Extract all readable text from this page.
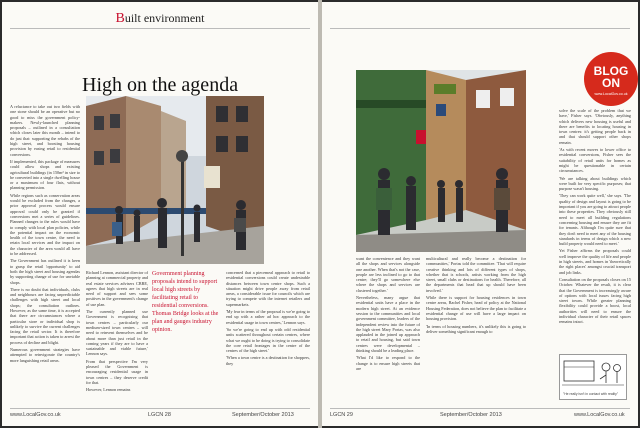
Built environment
High on the agenda

A reluctance to take out two fields with one stone should be an operative but no good to miss the government policy-makers. Newly-launched planning proposals – outlined in a consultation which closes later this month – intend to do just that: supporting the rehabs of the high street, and boosting housing provision by easing retail to residential conversions.

If implemented, this package of measures could allow shops and existing agricultural buildings (in 150m² in size to be converted into a single dwelling house or a maximum of four flats, without planning permission.

While regions such as conservation areas would be excluded from the changes, a prior approval process would ensure approval could only be granted if conversions met a series of guidelines. Planned changes to the rules would have to comply with local plan policies, while the potential impact on the economic health of the town centre, the need to retain local services and the impact on the character of the area would all have to be addressed.

The Government has outlined it is keen to grasp the retail 'opportunity' to aid both the high street and housing agendas by supporting change of use for unviable shops.

There is no doubt that individuals, clubs and neighbours are facing unpredictable challenges with high street and local shops; the consultation outlines. However, as the same time, it is accepted that there are circumstances where a particular store or individual shop is unlikely to survive the current challenges facing the retail sector. It is therefore important that action is taken to arrest the process of decline and blight.

Numerous government strategies have attempted to reinvigorate the country's more languishing retail areas.

Richard Lennon, assistant director of planning at commercial property and real estate services advisers CBRE, agrees that high streets are in real need of support and sees some positives in the government's change of use plan.

The currently planned use Government is recognising that town centres – particularly our medium-sized town centres – will need to reinvent themselves and be about more than just retail in the coming years if they are to have a sustainable and viable future,' Lennon says.

From that perspective I'm very pleased the Government is encouraging residential usage in town centres – they deserve credit for that.

However, Lennon remains

Government planning proposals intend to support local high streets by facilitating retail to residential conversions. Thomas Bridge looks at the plan and gauges industry opinion.

concerned that a piecemeal approach to retail to residential conversions could create undesirable distances between town centre shops. Such a situation might drive people away from retail areas, a considerable issue for councils which are trying to compete with the internet retailers and supermarkets.

'My fear in terms of the proposal is we're going to end up with a rather ad hoc approach to the residential usage in town centres,' Lennon says.

'So we're going to end up with odd residential units scattered throughout certain centres, where what we ought to be doing is trying to consolidate the core retail frontages in the centre of the centres of the high street.'

'When a town centre is a destination for shoppers, they

www.LocalGov.co.uk	LGCN 28	September/October 2013

want the convenience and they want all the shops and services alongside one another. When that's not the case, people are less inclined to go to that centre; they'll go somewhere else where the shops and services are clustered together.'

Nevertheless, many argue that residential units have a place in the modern high street. At an evidence session to the communities and local government committee, leaders of the independent review into the future of the high street Mary Portas, was also applauded in the joined up approach to retail and housing, but said town centres were developmental – thinking should be a leading place.

'What I'd like to respond to the change is to ensure high streets that are

multicultural and really become a destination for communities,' Portas told the committee. 'That will require creative thinking and lots of different types of shops, whether that is schools, artists working from the high street, small clubs or destinations for health. Therefore, all the departments that head that up should have been involved.'

While there is support for housing residences in town centre areas, Rachel Fisher, head of policy at the National Housing Federation, does not believe the plan to facilitate a residential change of use will have a large impact on housing provision.

'In terms of housing numbers, it's unlikely this is going to deliver something significant enough to

solve the scale of the problem that we have,' Fisher says. 'Obviously, anything which delivers new housing is useful and there are benefits to locating housing in town centres: it's getting people back in and that should support other shops remain.

'As with recent moves to lower office to residential conversions, Fisher sees the suitability of retail units for homes as might be questionable in certain circumstances.

'We are talking about buildings which were built for very specific purposes; that purpose wasn't housing.

'They can work quite well,' she says. 'The quality of design and layout is going to be important if you are going to attract people into these properties. They obviously still need to meet all building regulations concerning housing and ensure they are fit for tenants. Although I'm quite sure that they don't need to meet any of the housing standards in terms of design which a new build property would need to meet.'

Yet Fisher affirms the proposals could well improve the quality of life and people in high streets, and homes in 'theoretically the right places' amongst crucial transport and job links.

Consultation on the proposals closes on 15 October. Whatever the result, it is clear that the Government is increasingly aware of options with local issues facing high street towns. While greater planning flexibility could provide a boost, local authorities will need to ensure the individual character of their retail spaces remains intact.

BLOG
ON
www.LocalGov.co.uk
"He really isn't in contact with reality"
LGCN 29	September/October 2013	www.LocalGov.co.uk
